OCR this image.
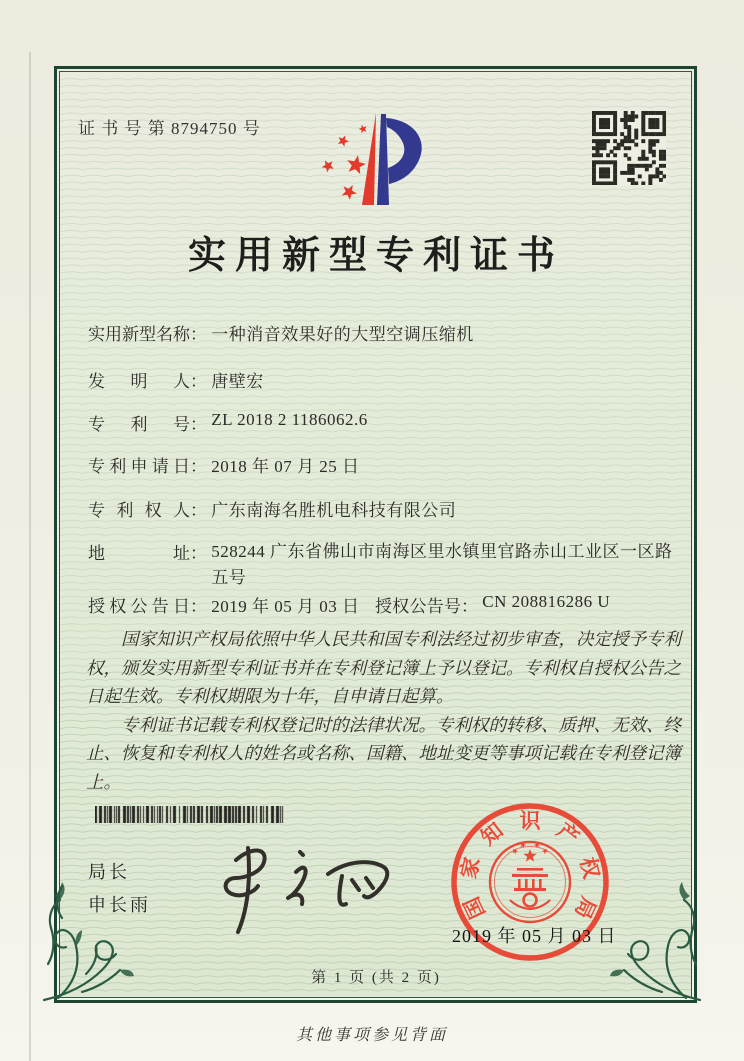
证 书 号 第 8794750 号
实用新型专利证书
实用新型名称： 一种消音效果好的大型空调压缩机
发明人： 唐壁宏
专利号： ZL 2018 2 1186062.6
专利申请日： 2018 年 07 月 25 日
专利权人： 广东南海名胜机电科技有限公司
地址： 528244 广东省佛山市南海区里水镇里官路赤山工业区一区路五号
授权公告日： 2019 年 05 月 03 日 授权公告号： CN 208816286 U

国家知识产权局依照中华人民共和国专利法经过初步审查，决定授予专利权，颁发实用新型专利证书并在专利登记簿上予以登记。专利权自授权公告之日起生效。专利权期限为十年，自申请日起算。

专利证书记载专利权登记时的法律状况。专利权的转移、质押、无效、终止、恢复和专利权人的姓名或名称、国籍、地址变更等事项记载在专利登记簿上。

局长
申长雨	国
家
知 识 产
权
局
2019 年 05 月 03 日
第 1 页 (共 2 页)
其他事项参见背面
